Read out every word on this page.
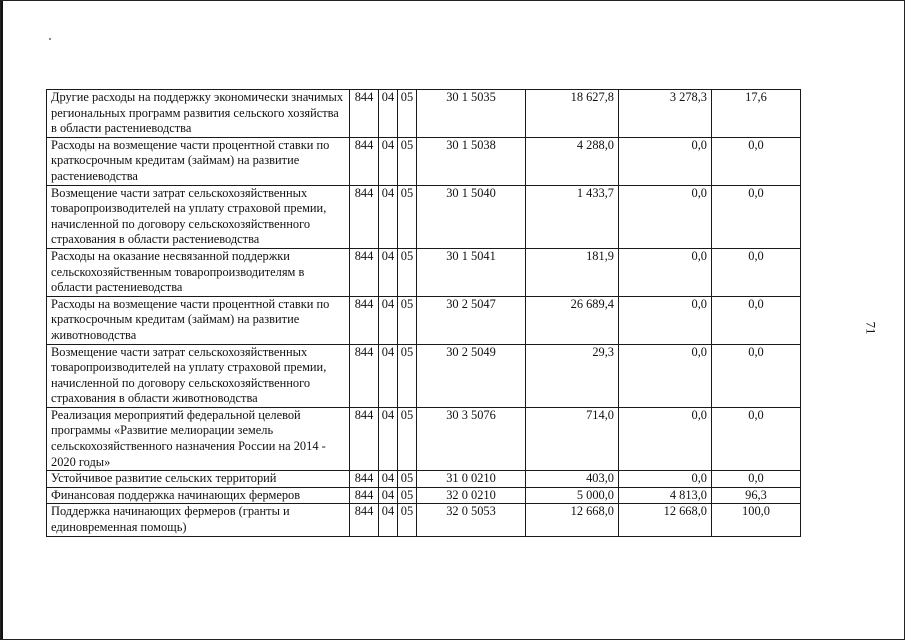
Другие расходы на поддержку экономически значимых региональных программ развития сельского хозяйства в области растениеводства	844	04	05	30 1 5035	18 627,8	3 278,3	17,6
Расходы на возмещение части процентной ставки по краткосрочным кредитам (займам) на развитие растениеводства	844	04	05	30 1 5038	4 288,0	0,0	0,0
Возмещение части затрат сельскохозяйственных товаропроизводителей на уплату страховой премии, начисленной по договору сельскохозяйственного страхования в области растениеводства	844	04	05	30 1 5040	1 433,7	0,0	0,0
Расходы на оказание несвязанной поддержки сельскохозяйственным товаропроизводителям в области растениеводства	844	04	05	30 1 5041	181,9	0,0	0,0
Расходы на возмещение части процентной ставки по краткосрочным кредитам (займам) на развитие животноводства	844	04	05	30 2 5047	26 689,4	0,0	0,0
Возмещение части затрат сельскохозяйственных товаропроизводителей на уплату страховой премии, начисленной по договору сельскохозяйственного страхования в области животноводства	844	04	05	30 2 5049	29,3	0,0	0,0
Реализация мероприятий федеральной целевой программы «Развитие мелиорации земель сельскохозяйственного назначения России на 2014 - 2020 годы»	844	04	05	30 3 5076	714,0	0,0	0,0
Устойчивое развитие сельских территорий	844	04	05	31 0 0210	403,0	0,0	0,0
Финансовая поддержка начинающих фермеров	844	04	05	32 0 0210	5 000,0	4 813,0	96,3
Поддержка начинающих фермеров (гранты и единовременная помощь)	844	04	05	32 0 5053	12 668,0	12 668,0	100,0
71
